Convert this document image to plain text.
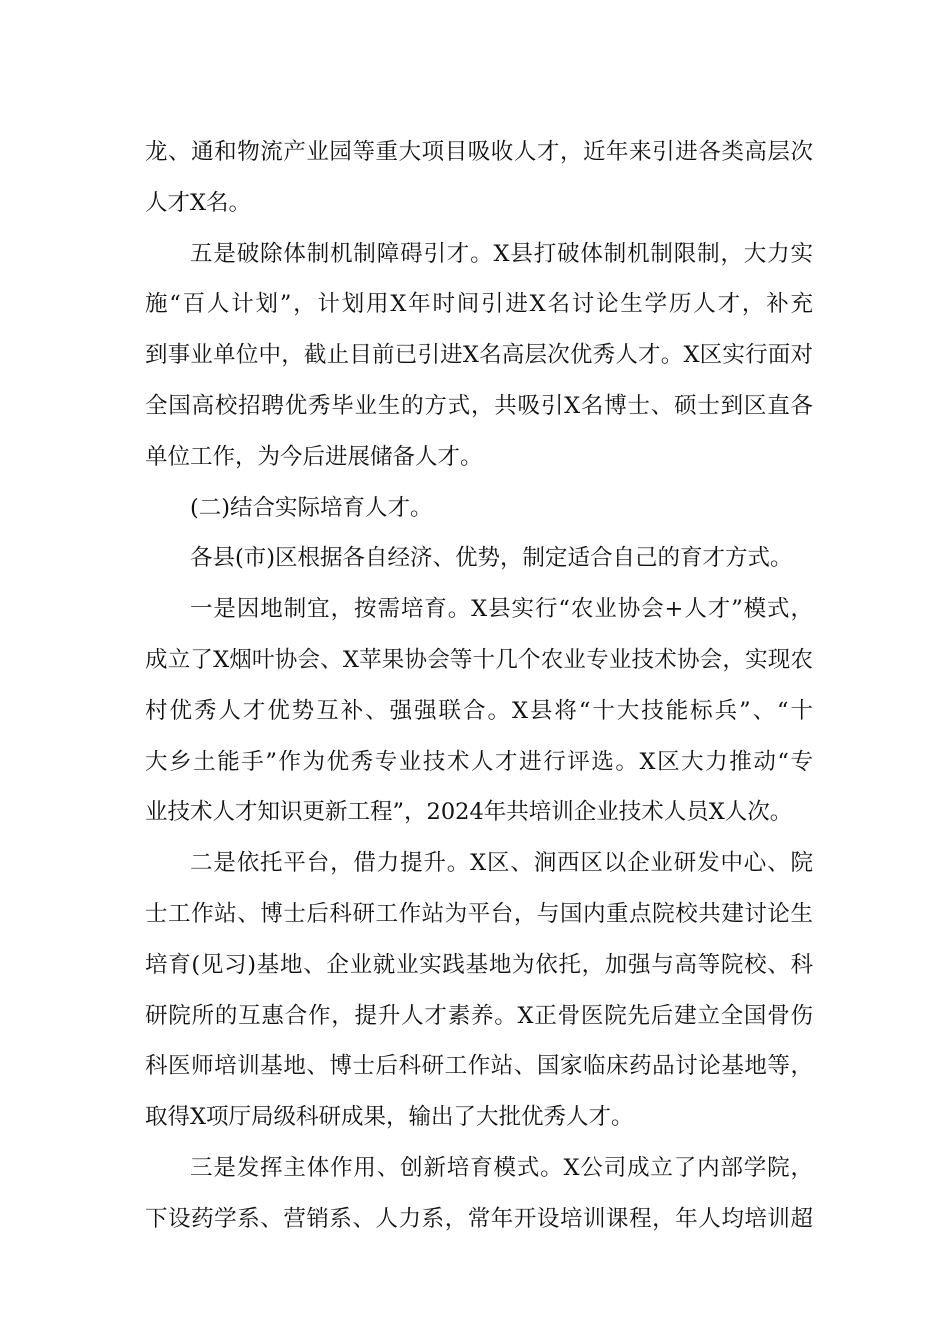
龙、通和物流产业园等重大项目吸收人才，近年来引进各类高层次
人才X名。
五是破除体制机制障碍引才。X县打破体制机制限制，大力实
施“百人计划”，计划用X年时间引进X名讨论生学历人才，补充
到事业单位中，截止目前已引进X名高层次优秀人才。X区实行面对
全国高校招聘优秀毕业生的方式，共吸引X名博士、硕士到区直各
单位工作，为今后进展储备人才。
(二)结合实际培育人才。
各县(市)区根据各自经济、优势，制定适合自己的育才方式。
一是因地制宜，按需培育。X县实行“农业协会+人才”模式，
成立了X烟叶协会、X苹果协会等十几个农业专业技术协会，实现农
村优秀人才优势互补、强强联合。X县将“十大技能标兵”、“十
大乡土能手”作为优秀专业技术人才进行评选。X区大力推动“专
业技术人才知识更新工程”，2024年共培训企业技术人员X人次。
二是依托平台，借力提升。X区、涧西区以企业研发中心、院
士工作站、博士后科研工作站为平台，与国内重点院校共建讨论生
培育(见习)基地、企业就业实践基地为依托，加强与高等院校、科
研院所的互惠合作，提升人才素养。X正骨医院先后建立全国骨伤
科医师培训基地、博士后科研工作站、国家临床药品讨论基地等，
取得X项厅局级科研成果，输出了大批优秀人才。
三是发挥主体作用、创新培育模式。X公司成立了内部学院，
下设药学系、营销系、人力系，常年开设培训课程，年人均培训超
